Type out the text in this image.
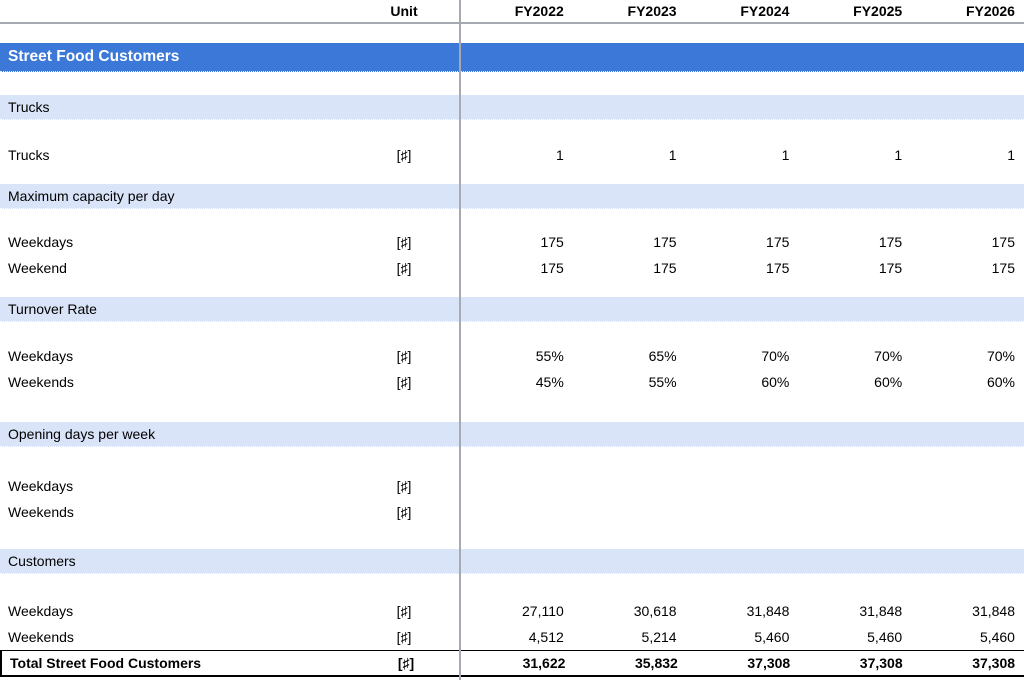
Unit	FY2022	FY2023	FY2024	FY2025	FY2026
Street Food Customers
Trucks
Trucks	[♯]	1	1	1	1	1
Maximum capacity per day
Weekdays	[♯]	175	175	175	175	175
Weekend	[♯]	175	175	175	175	175
Turnover Rate
Weekdays	[♯]	55%	65%	70%	70%	70%
Weekends	[♯]	45%	55%	60%	60%	60%
Opening days per week
Weekdays	[♯]
Weekends	[♯]
Customers
Weekdays	[♯]	27,110	30,618	31,848	31,848	31,848
Weekends	[♯]	4,512	5,214	5,460	5,460	5,460
Total Street Food Customers	[♯]	31,622	35,832	37,308	37,308	37,308
